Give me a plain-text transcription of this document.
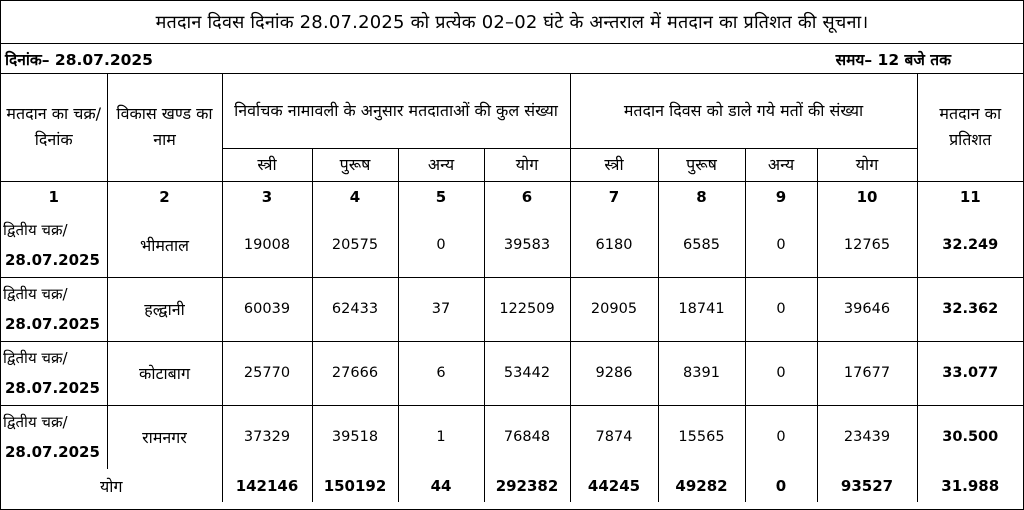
मतदान दिवस दिनांक 28.07.2025 को प्रत्येक 02–02 घंटे के अन्तराल में मतदान का प्रतिशत की सूचना।
दिनांक– 28.07.2025	समय– 12 बजे तक
मतदान का चक्र/दिनांक	विकास खण्ड का नाम	निर्वाचक नामावली के अनुसार मतदाताओं की कुल संख्या				मतदान दिवस को डाले गये मतों की संख्या				मतदान का प्रतिशत
		स्त्री	पुरूष	अन्य	योग	स्त्री	पुरूष	अन्य	योग	
1	2	3	4	5	6	7	8	9	10	11

द्वितीय चक्र/
28.07.2025	भीमताल	19008	20575	0	39583	6180	6585	0	12765	32.249

द्वितीय चक्र/
28.07.2025	हल्द्वानी	60039	62433	37	122509	20905	18741	0	39646	32.362

द्वितीय चक्र/
28.07.2025	कोटाबाग	25770	27666	6	53442	9286	8391	0	17677	33.077

द्वितीय चक्र/
28.07.2025	रामनगर	37329	39518	1	76848	7874	15565	0	23439	30.500
योग		142146	150192	44	292382	44245	49282	0	93527	31.988
